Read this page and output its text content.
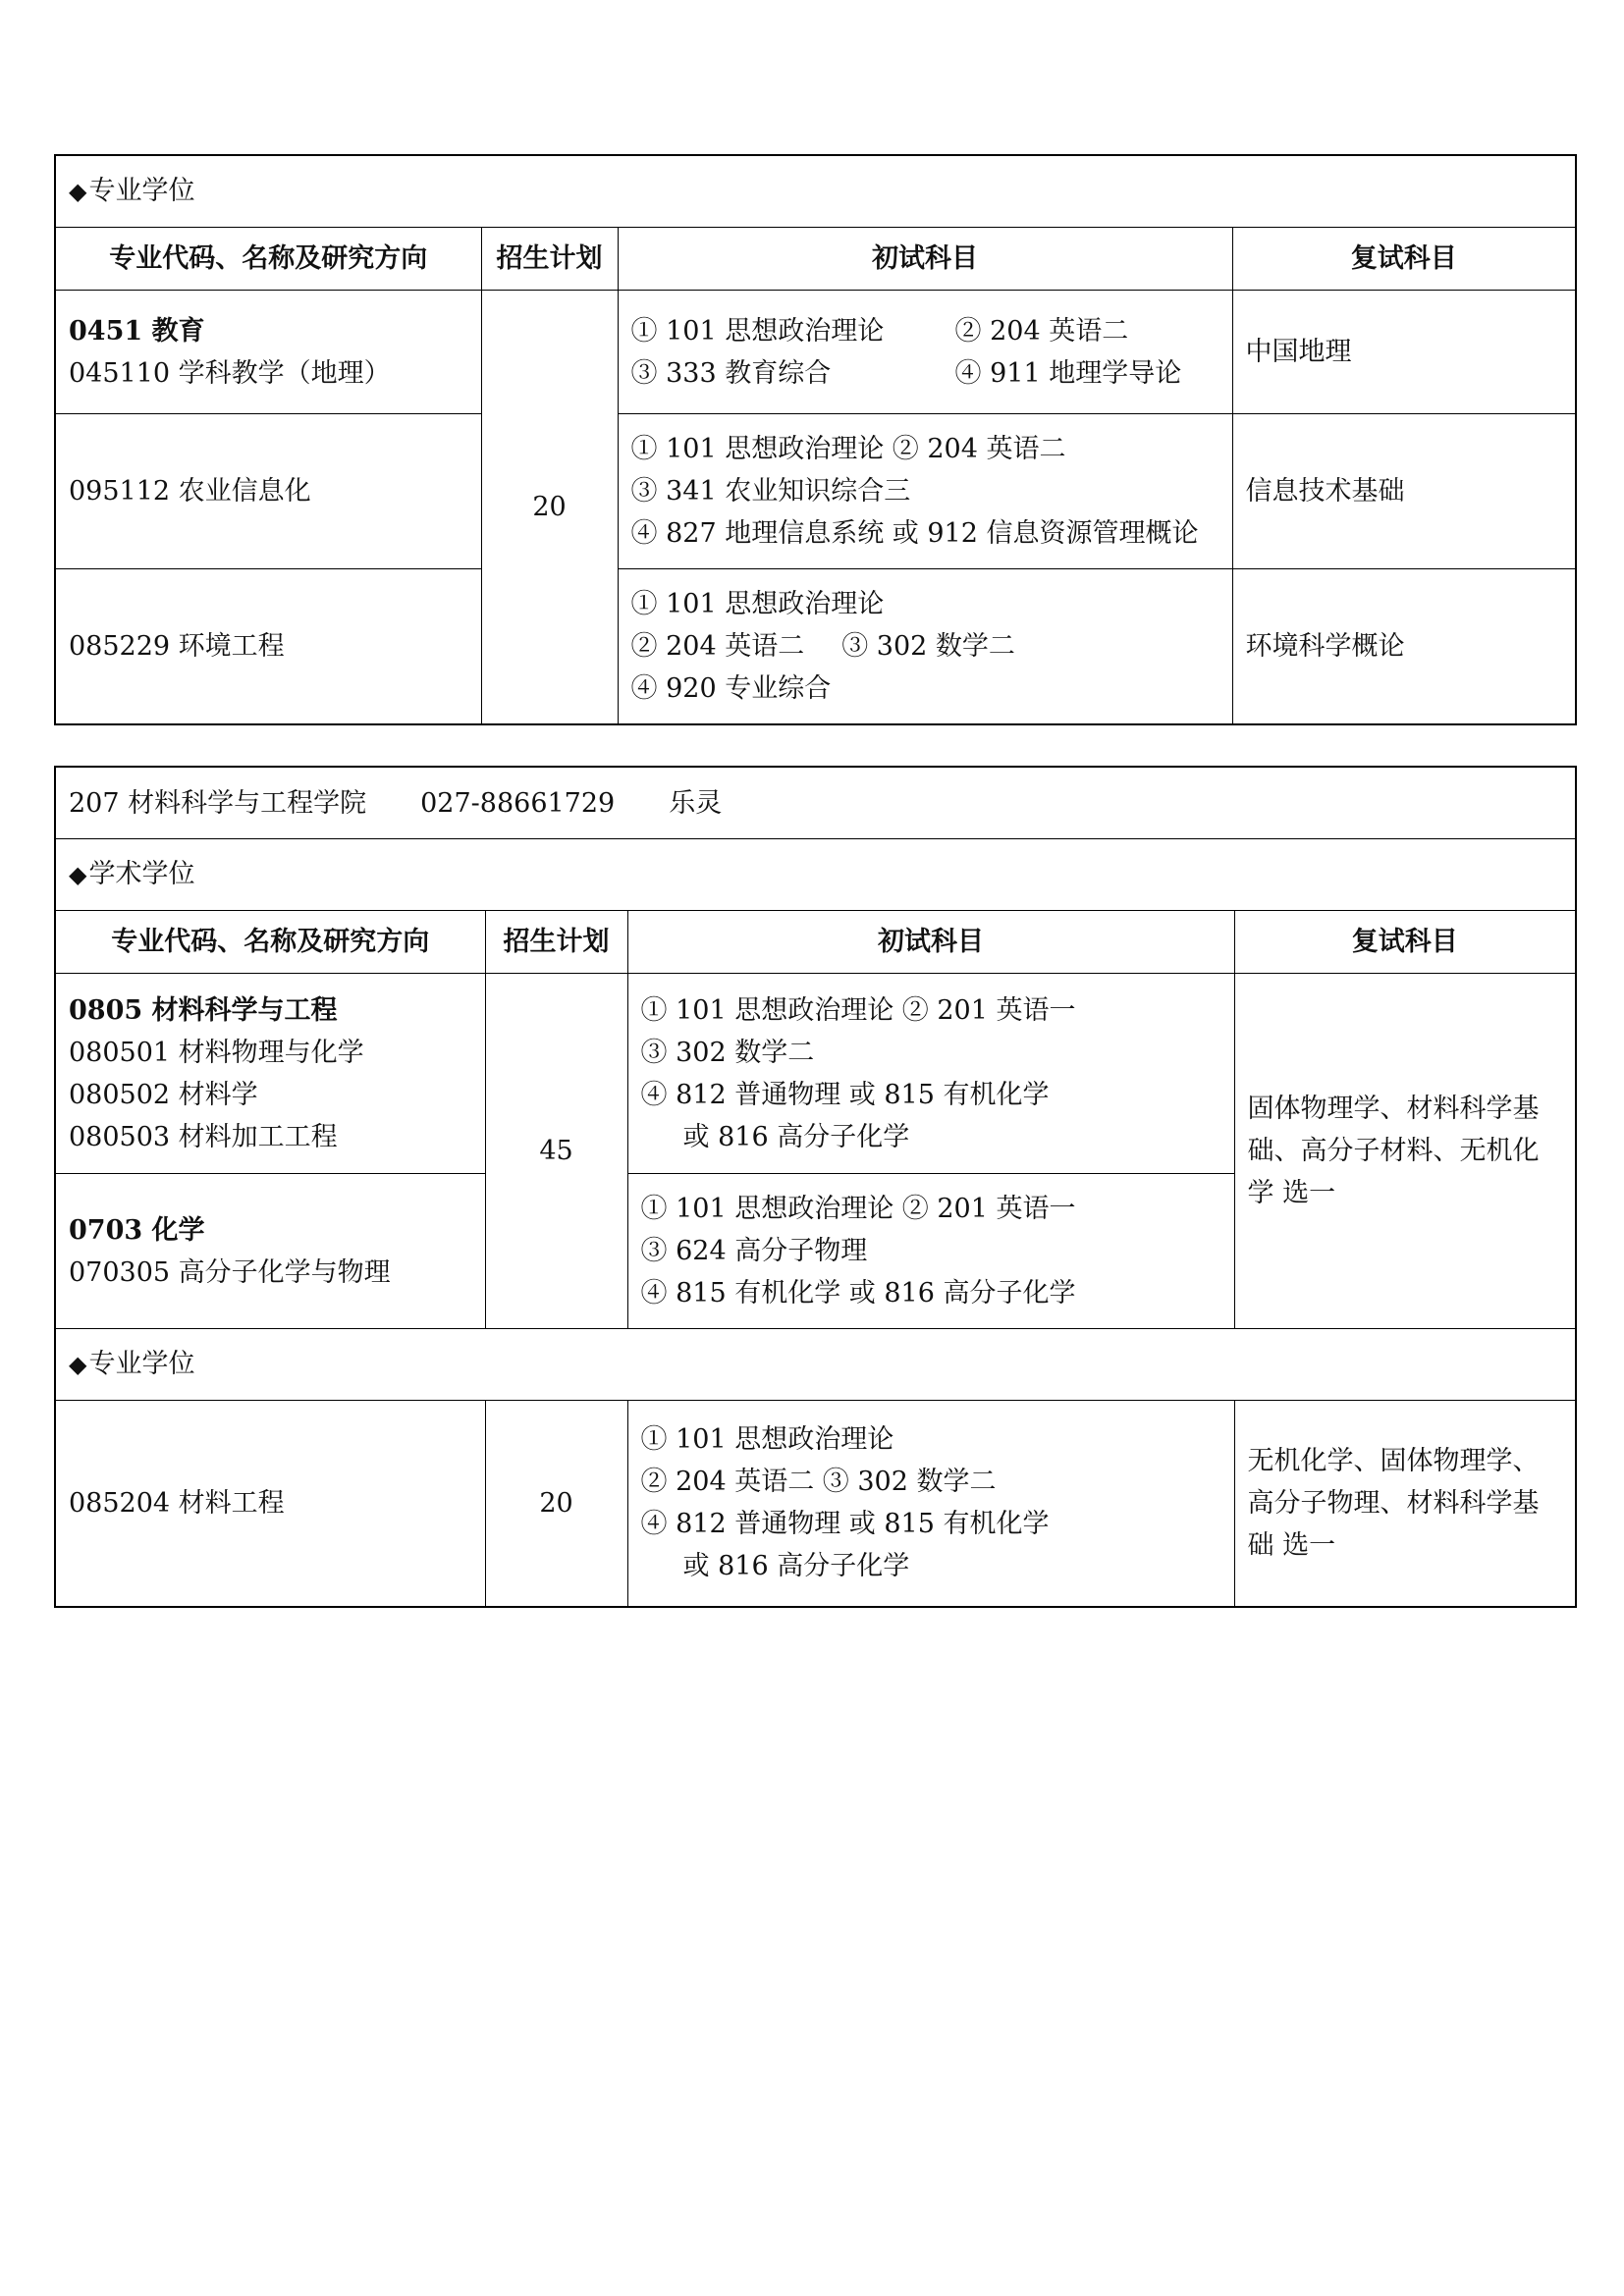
◆专业学位			
专业代码、名称及研究方向	招生计划	初试科目	复试科目

0451 教育
045110 学科教学（地理）	20	① 101 思想政治理论 ② 204 英语二
③ 333 教育综合 ④ 911 地理学导论	中国地理
095112 农业信息化		① 101 思想政治理论 ② 204 英语二
③ 341 农业知识综合三
④ 827 地理信息系统 或 912 信息资源管理概论	信息技术基础
085229 环境工程		① 101 思想政治理论
② 204 英语二 ③ 302 数学二
④ 920 专业综合	环境科学概论
207 材料科学与工程学院 027-88661729 乐灵			
◆学术学位			
专业代码、名称及研究方向	招生计划	初试科目	复试科目

0805 材料科学与工程
080501 材料物理与化学
080502 材料学
080503 材料加工工程	45	① 101 思想政治理论 ② 201 英语一
③ 302 数学二
④ 812 普通物理 或 815 有机化学
或 816 高分子化学	固体物理学、材料科学基
础、高分子材料、无机化
学 选一

0703 化学
070305 高分子化学与物理		① 101 思想政治理论 ② 201 英语一
③ 624 高分子物理
④ 815 有机化学 或 816 高分子化学	

◆专业学位			
085204 材料工程	20	① 101 思想政治理论
② 204 英语二 ③ 302 数学二
④ 812 普通物理 或 815 有机化学
或 816 高分子化学	无机化学、固体物理学、
高分子物理、材料科学基
础 选一
